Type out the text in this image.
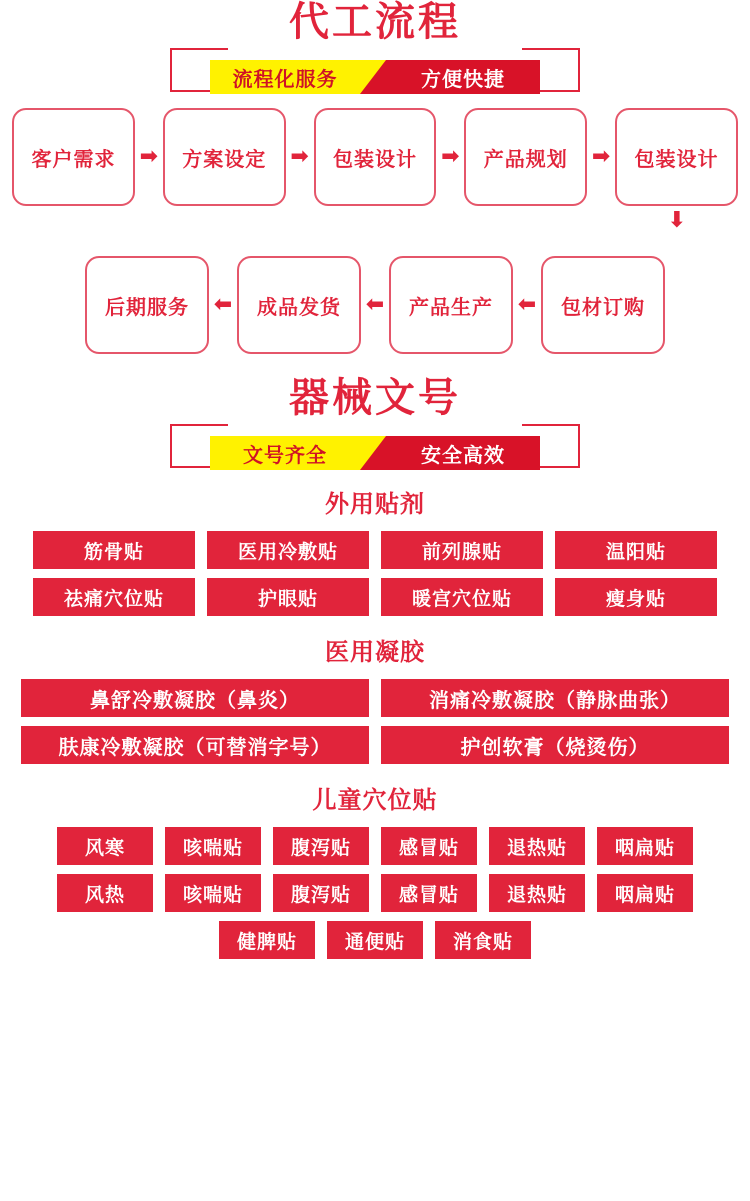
代工流程
流程化服务	方便快捷
客户需求	➡	方案设定	➡	包装设计	➡	产品规划	➡	包装设计
⬇
后期服务	⬅	成品发货	⬅	产品生产	⬅	包材订购
器械文号
文号齐全	安全高效
外用贴剂
筋骨贴	医用冷敷贴	前列腺贴	温阳贴
祛痛穴位贴	护眼贴	暖宫穴位贴	瘦身贴
医用凝胶
鼻舒冷敷凝胶（鼻炎）	消痛冷敷凝胶（静脉曲张）
肤康冷敷凝胶（可替消字号）	护创软膏（烧烫伤）
儿童穴位贴
风寒	咳喘贴	腹泻贴	感冒贴	退热贴	咽扁贴
风热	咳喘贴	腹泻贴	感冒贴	退热贴	咽扁贴
健脾贴	通便贴	消食贴
